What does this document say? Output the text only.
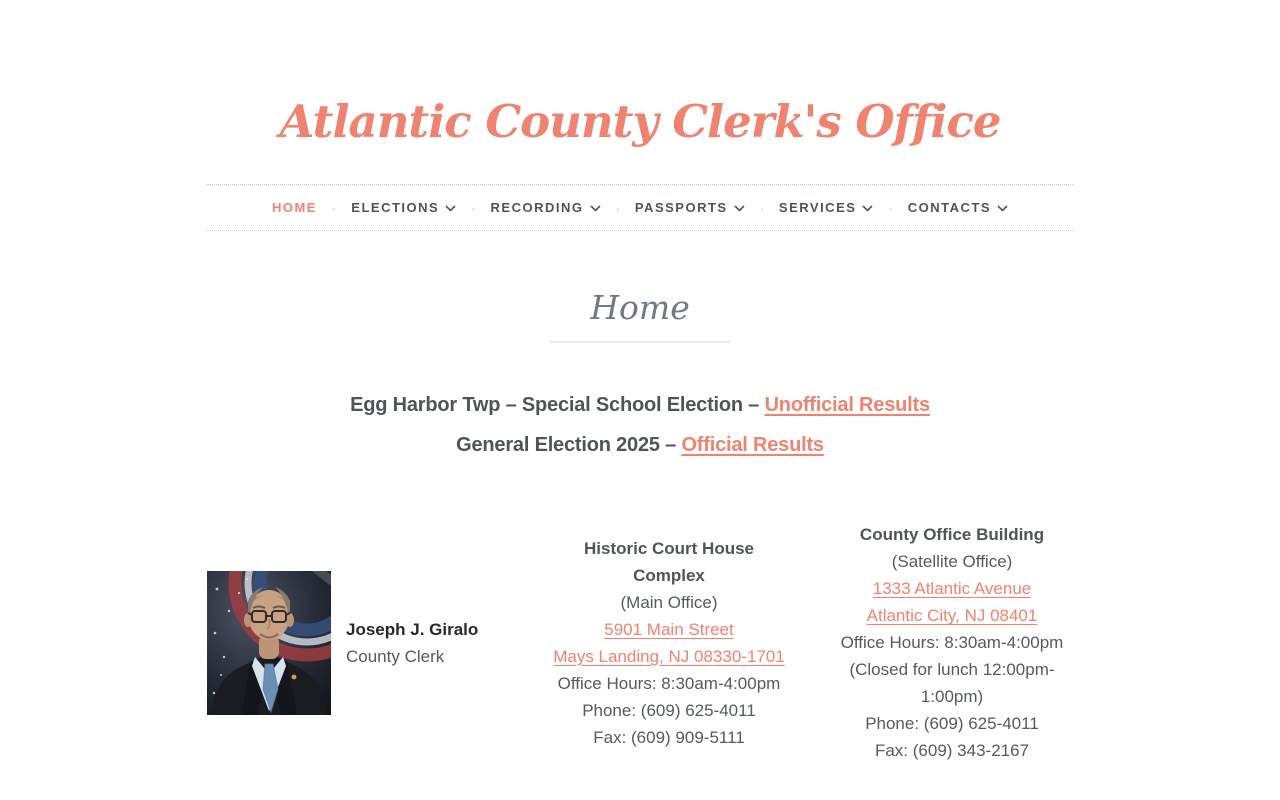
Atlantic County Clerk's Office
HOME · ELECTIONS · RECORDING · PASSPORTS · SERVICES · CONTACTS
Home

Egg Harbor Twp – Special School Election – Unofficial Results

General Election 2025 – Official Results

Joseph J. Giralo
County Clerk
Historic Court House Complex
(Main Office)
5901 Main Street
Mays Landing, NJ 08330-1701
Office Hours: 8:30am-4:00pm
Phone: (609) 625-4011
Fax: (609) 909-5111
County Office Building
(Satellite Office)
1333 Atlantic Avenue
Atlantic City, NJ 08401
Office Hours: 8:30am-4:00pm
(Closed for lunch 12:00pm-1:00pm)
Phone: (609) 625-4011
Fax: (609) 343-2167
